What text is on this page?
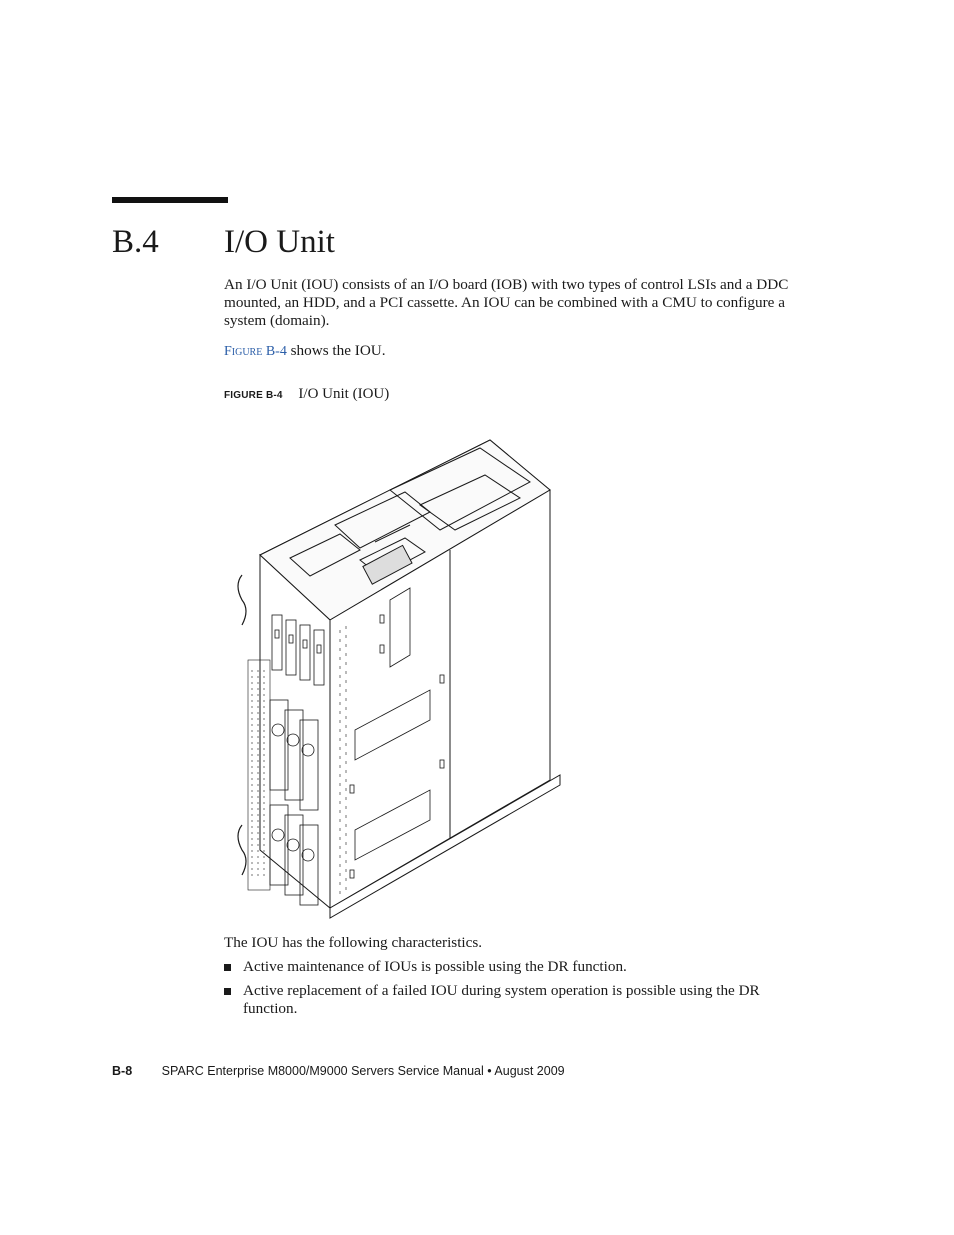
B.4 I/O Unit
An I/O Unit (IOU) consists of an I/O board (IOB) with two types of control LSIs and a DDC mounted, an HDD, and a PCI cassette. An IOU can be combined with a CMU to configure a system (domain).
Figure B-4 shows the IOU.
FIGURE B-4 I/O Unit (IOU)
The IOU has the following characteristics.
Active maintenance of IOUs is possible using the DR function.
Active replacement of a failed IOU during system operation is possible using the DR function.
B-8 SPARC Enterprise M8000/M9000 Servers Service Manual • August 2009
